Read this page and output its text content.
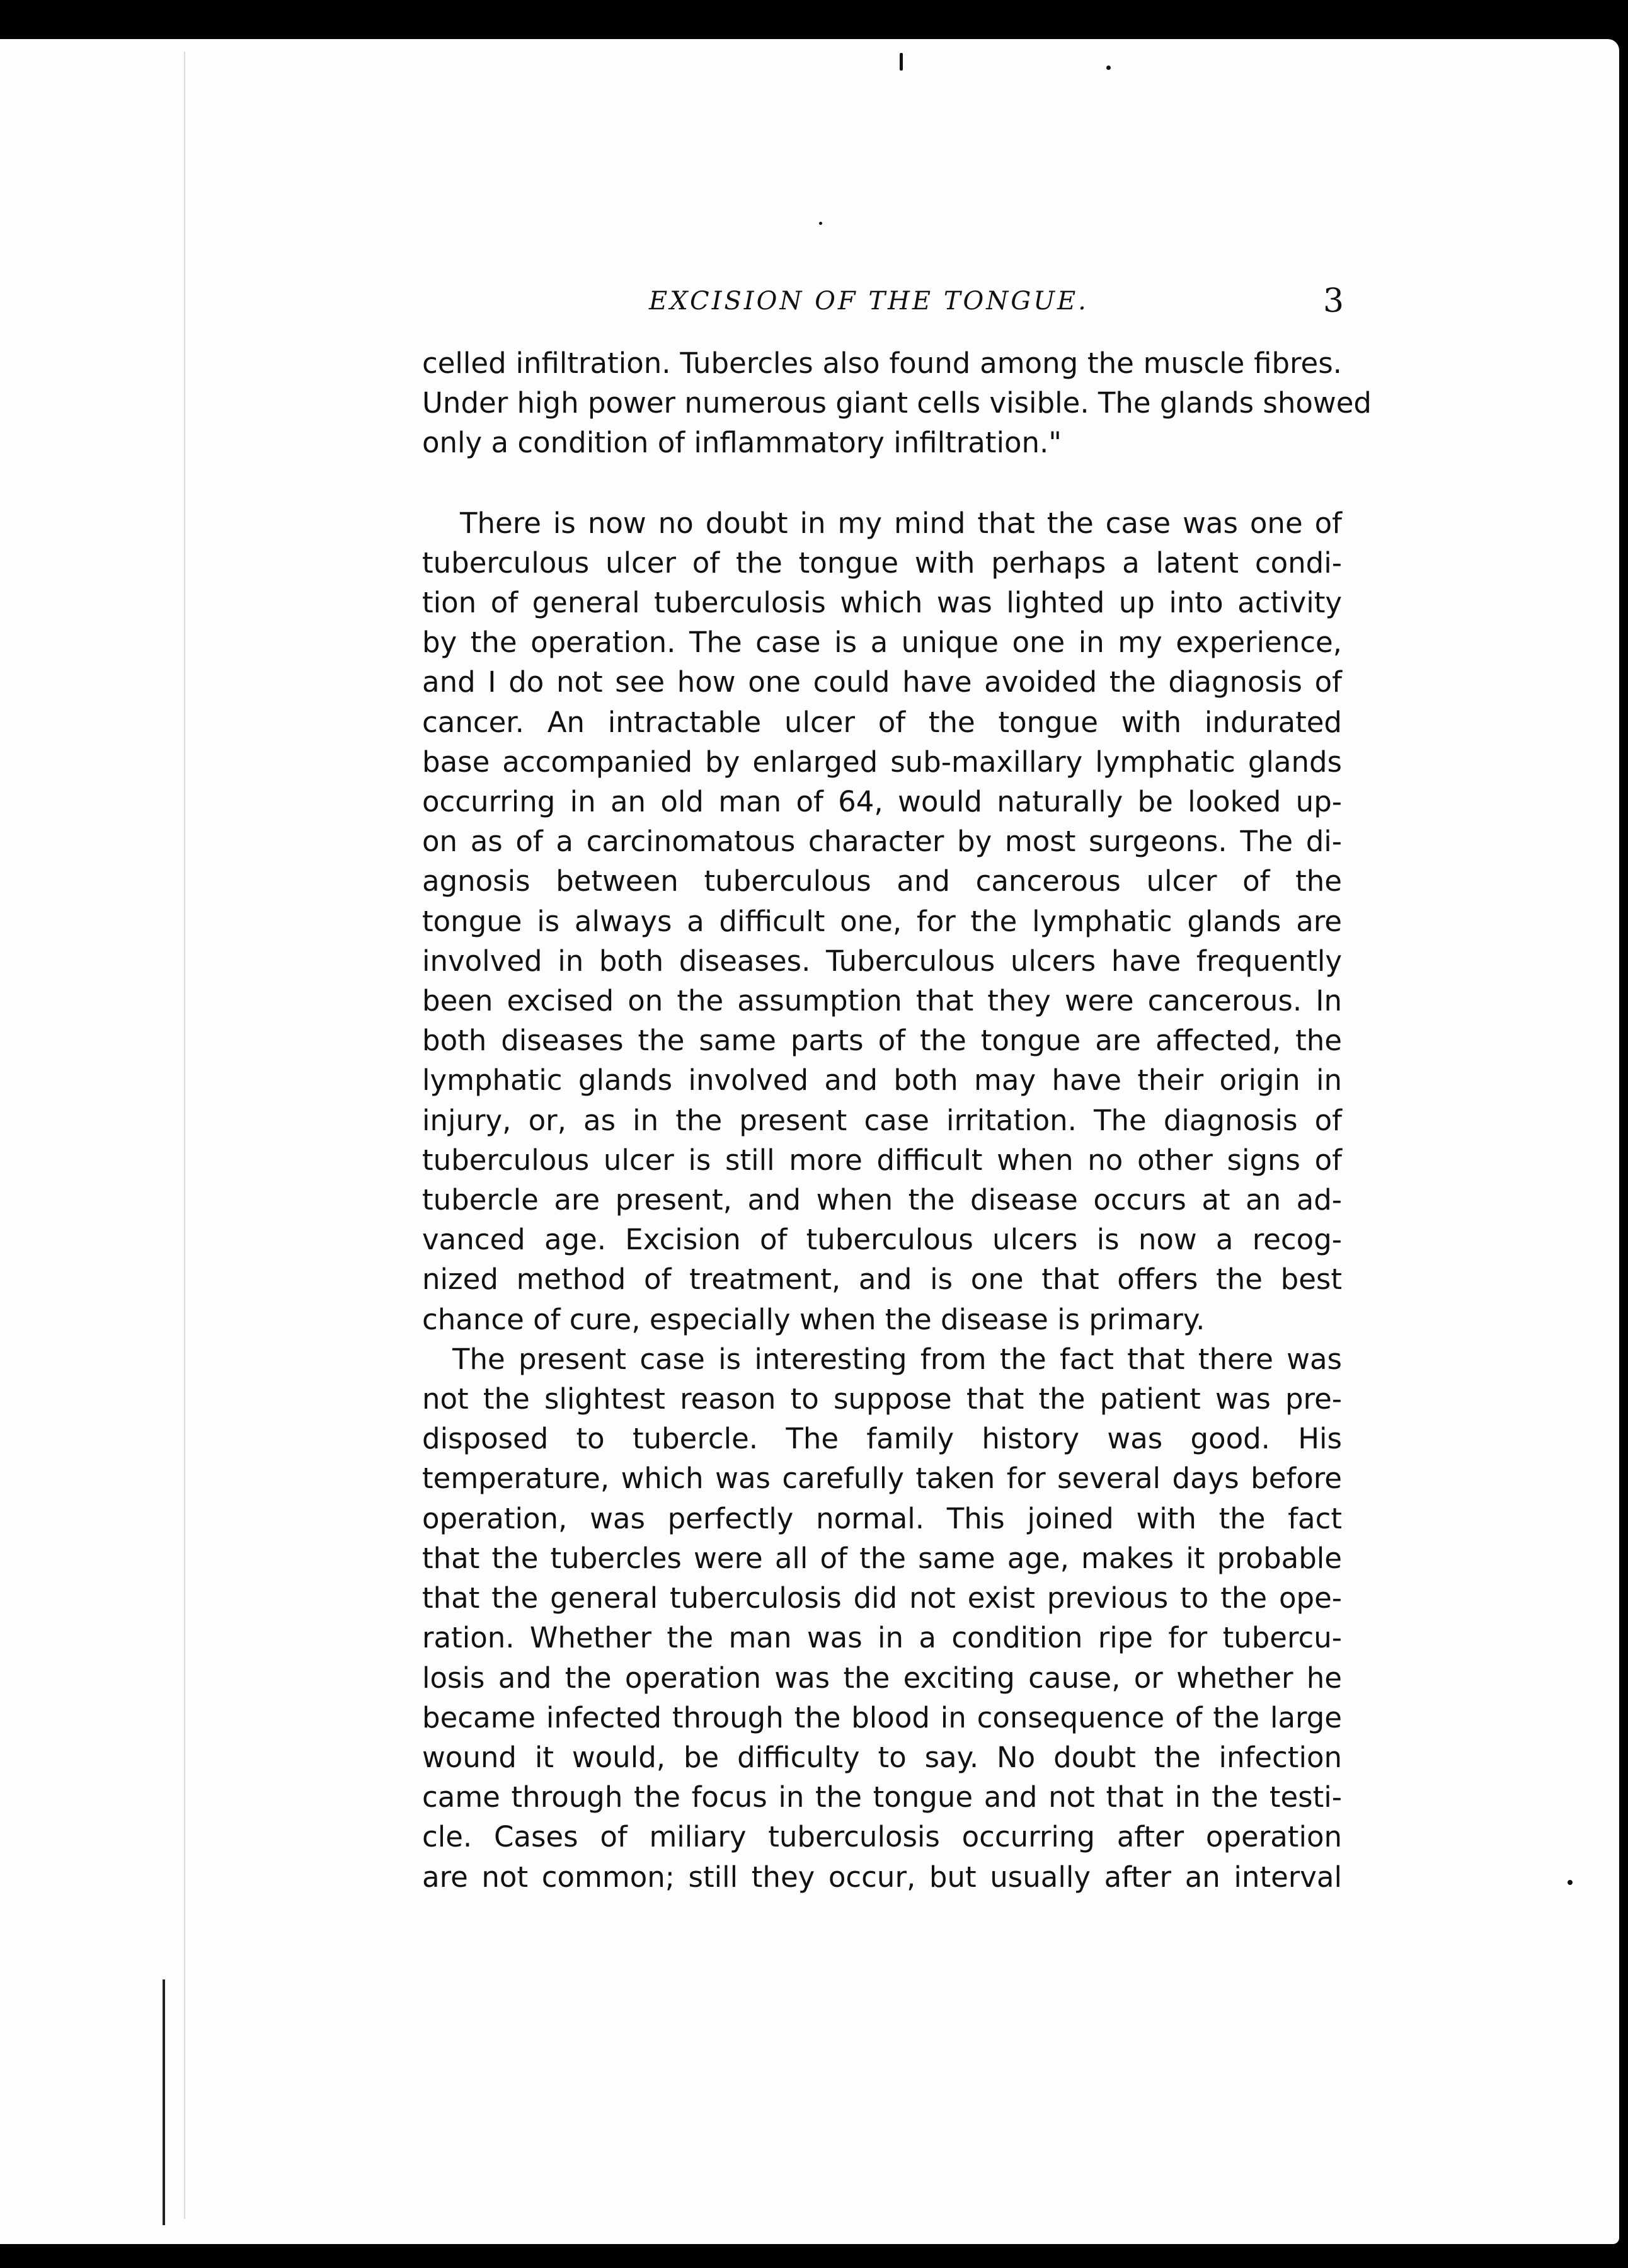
EXCISION OF THE TONGUE.	3

celled infiltration. Tubercles also found among the muscle fibres.
Under high power numerous giant cells visible. The glands showed
only a condition of inflammatory infiltration."

There is now no doubt in my mind that the case was one of
tuberculous ulcer of the tongue with perhaps a latent condi-
tion of general tuberculosis which was lighted up into activity
by the operation. The case is a unique one in my experience,
and I do not see how one could have avoided the diagnosis of
cancer. An intractable ulcer of the tongue with indurated
base accompanied by enlarged sub-maxillary lymphatic glands
occurring in an old man of 64, would naturally be looked up-
on as of a carcinomatous character by most surgeons. The di-
agnosis between tuberculous and cancerous ulcer of the
tongue is always a difficult one, for the lymphatic glands are
involved in both diseases. Tuberculous ulcers have frequently
been excised on the assumption that they were cancerous. In
both diseases the same parts of the tongue are affected, the
lymphatic glands involved and both may have their origin in
injury, or, as in the present case irritation. The diagnosis of
tuberculous ulcer is still more difficult when no other signs of
tubercle are present, and when the disease occurs at an ad-
vanced age. Excision of tuberculous ulcers is now a recog-
nized method of treatment, and is one that offers the best
chance of cure, especially when the disease is primary.

The present case is interesting from the fact that there was
not the slightest reason to suppose that the patient was pre-
disposed to tubercle. The family history was good. His
temperature, which was carefully taken for several days before
operation, was perfectly normal. This joined with the fact
that the tubercles were all of the same age, makes it probable
that the general tuberculosis did not exist previous to the ope-
ration. Whether the man was in a condition ripe for tubercu-
losis and the operation was the exciting cause, or whether he
became infected through the blood in consequence of the large
wound it would, be difficulty to say. No doubt the infection
came through the focus in the tongue and not that in the testi-
cle. Cases of miliary tuberculosis occurring after operation
are not common; still they occur, but usually after an interval
